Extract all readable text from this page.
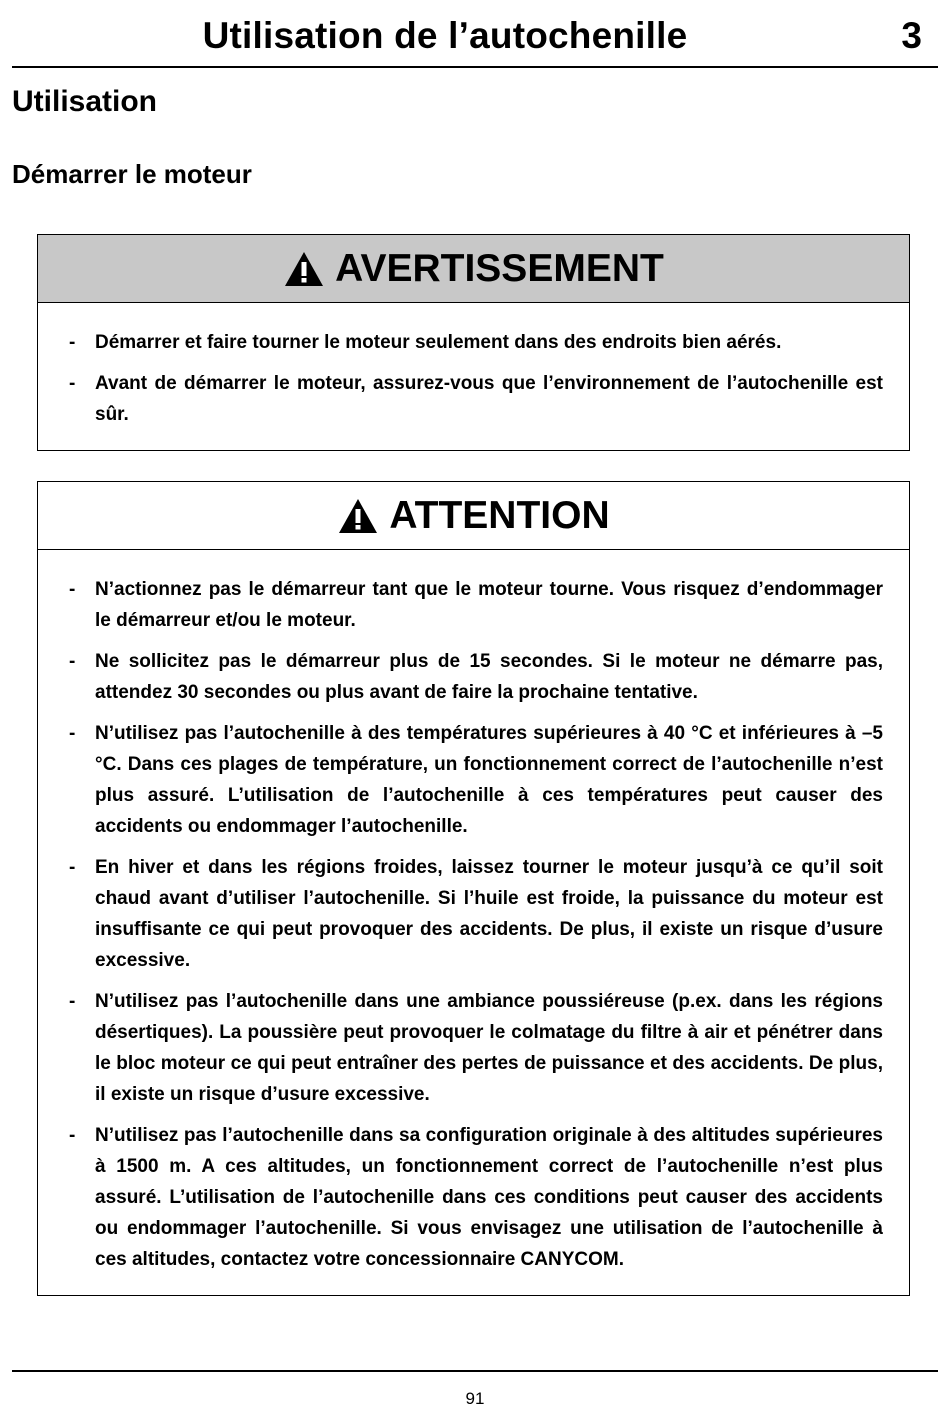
Utilisation de l’autochenille	3
Utilisation
Démarrer le moteur
AVERTISSEMENT
-	Démarrer et faire tourner le moteur seulement dans des endroits bien aérés.
-	Avant de démarrer le moteur, assurez-vous que l’environnement de l’autochenille est sûr.
ATTENTION
-	N’actionnez pas le démarreur tant que le moteur tourne. Vous risquez d’endommager le démarreur et/ou le moteur.
-	Ne sollicitez pas le démarreur plus de 15 secondes. Si le moteur ne démarre pas, attendez 30 secondes ou plus avant de faire la prochaine tentative.
-	N’utilisez pas l’autochenille à des températures supérieures à 40 °C et inférieures à –5 °C. Dans ces plages de température, un fonctionnement correct de l’autochenille n’est plus assuré. L’utilisation de l’autochenille à ces températures peut causer des accidents ou endommager l’autochenille.
-	En hiver et dans les régions froides, laissez tourner le moteur jusqu’à ce qu’il soit chaud avant d’utiliser l’autochenille. Si l’huile est froide, la puissance du moteur est insuffisante ce qui peut provoquer des accidents. De plus, il existe un risque d’usure excessive.
-	N’utilisez pas l’autochenille dans une ambiance poussiéreuse (p.ex. dans les régions désertiques). La poussière peut provoquer le colmatage du filtre à air et pénétrer dans le bloc moteur ce qui peut entraîner des pertes de puissance et des accidents. De plus, il existe un risque d’usure excessive.
-	N’utilisez pas l’autochenille dans sa configuration originale à des altitudes supérieures à 1500 m. A ces altitudes, un fonctionnement correct de l’autochenille n’est plus assuré. L’utilisation de l’autochenille dans ces conditions peut causer des accidents ou endommager l’autochenille. Si vous envisagez une utilisation de l’autochenille à ces altitudes, contactez votre concessionnaire CANYCOM.
91
